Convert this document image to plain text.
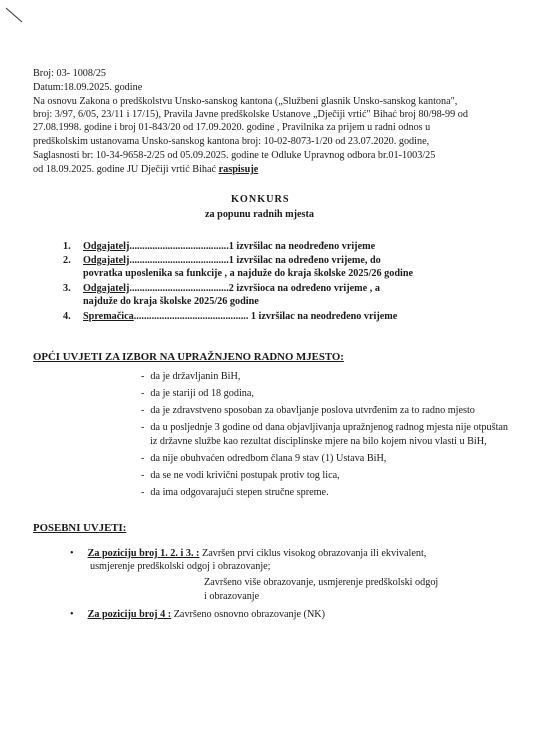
Broj: 03- 1008/25
Datum:18.09.2025. godine
Na osnovu Zakona o predškolstvu Unsko-sanskog kantona („Službeni glasnik Unsko-sanskog kantona",
broj: 3/97, 6/05, 23/11 i 17/15), Pravila Javne predškolske Ustanove „Dječiji vrtić" Bihać broj 80/98-99 od
27.08.1998. godine i broj 01-843/20 od 17.09.2020. godine , Pravilnika za prijem u radni odnos u
predškolskim ustanovama Unsko-sanskog kantona broj: 10-02-8073-1/20 od 23.07.2020. godine,
Saglasnosti br: 10-34-9658-2/25 od 05.09.2025. godine te Odluke Upravnog odbora br.01-1003/25
od 18.09.2025. godine JU Dječiji vrtić Bihać raspisuje
KONKURS
za popunu radnih mjesta
1. Odgajatelj.......................................1 izvršilac na neodređeno vrijeme
2. Odgajatelj.......................................1 izvršilac na određeno vrijeme, do
povratka uposlenika sa funkcije , a najduže do kraja školske 2025/26 godine
3. Odgajatelj.......................................2 izvršioca na određeno vrijeme , a
najduže do kraja školske 2025/26 godine
4. Spremačica............................................. 1 izvršilac na neodređeno vrijeme
OPĆI UVJETI ZA IZBOR NA UPRAŽNJENO RADNO MJESTO:
- da je državljanin BiH,
- da je stariji od 18 godina,
- da je zdravstveno sposoban za obavljanje poslova utvrđenim za to radno mjesto
- da u posljednje 3 godine od dana objavljivanja upražnjenog radnog mjesta nije otpuštan
iz državne službe kao rezultat disciplinske mjere na bilo kojem nivou vlasti u BiH,
- da nije obuhvaćen odredbom člana 9 stav (1) Ustava BiH,
- da se ne vodi krivični postupak protiv tog lica,
- da ima odgovarajući stepen stručne spreme.
POSEBNI UVJETI:
• Za poziciju broj 1. 2. i 3. : Završen prvi ciklus visokog obrazovanja ili ekvivalent,
usmjerenje predškolski odgoj i obrazovanje;
Završeno više obrazovanje, usmjerenje predškolski odgoj
i obrazovanje
• Za poziciju broj 4 : Završeno osnovno obrazovanje (NK)
